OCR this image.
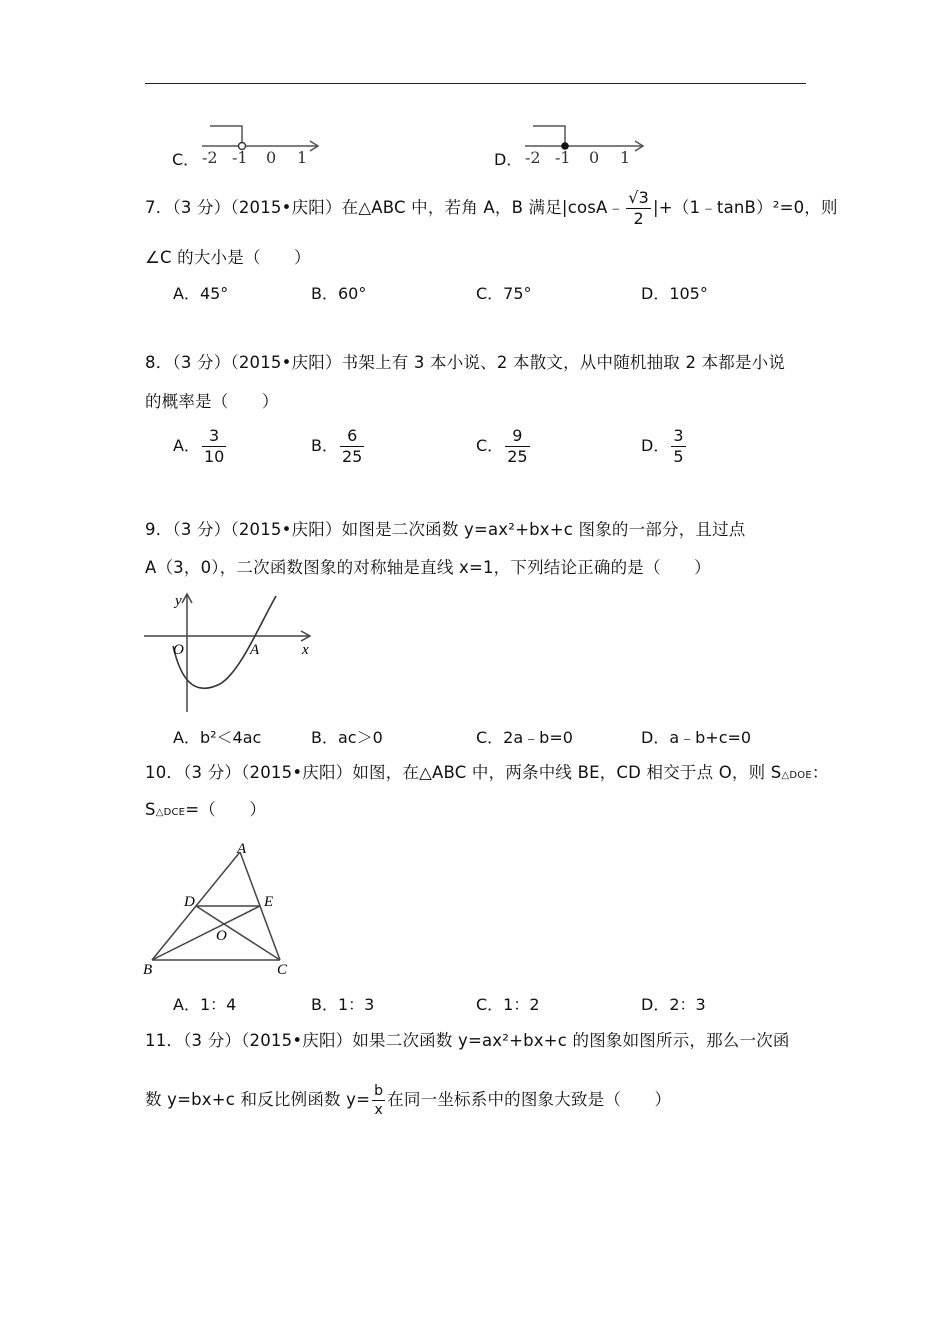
C． -2 -1 0 1	D． -2 -1 0 1
7．（3 分）（2015•庆阳）在△ABC 中，若角 A，B 满足|cosA﹣ $\frac{√3}{2}$ |+（1﹣tanB）²=0，则
∠C 的大小是（　　）
A．45°	B．60°	C．75°	D．105°
8．（3 分）（2015•庆阳）书架上有 3 本小说、2 本散文，从中随机抽取 2 本都是小说
的概率是（　　）
A． $\frac{3}{10}$	B． $\frac{6}{25}$	C． $\frac{9}{25}$	D． $\frac{3}{5}$
9．（3 分）（2015•庆阳）如图是二次函数 y=ax²+bx+c 图象的一部分，且过点
A（3，0），二次函数图象的对称轴是直线 x=1，下列结论正确的是（　　）
y
O	A	x
A．b²＜4ac	B．ac＞0	C．2a﹣b=0	D．a﹣b+c=0
10．（3 分）（2015•庆阳）如图，在△ABC 中，两条中线 BE，CD 相交于点 O，则 S△DOE：
S△DCE=（　　）
A
D	E
O
B	C
A．1：4	B．1：3	C．1：2	D．2：3
11．（3 分）（2015•庆阳）如果二次函数 y=ax²+bx+c 的图象如图所示，那么一次函
数 y=bx+c 和反比例函数 $y= \frac{b}{x}$ 在同一坐标系中的图象大致是（　　）
